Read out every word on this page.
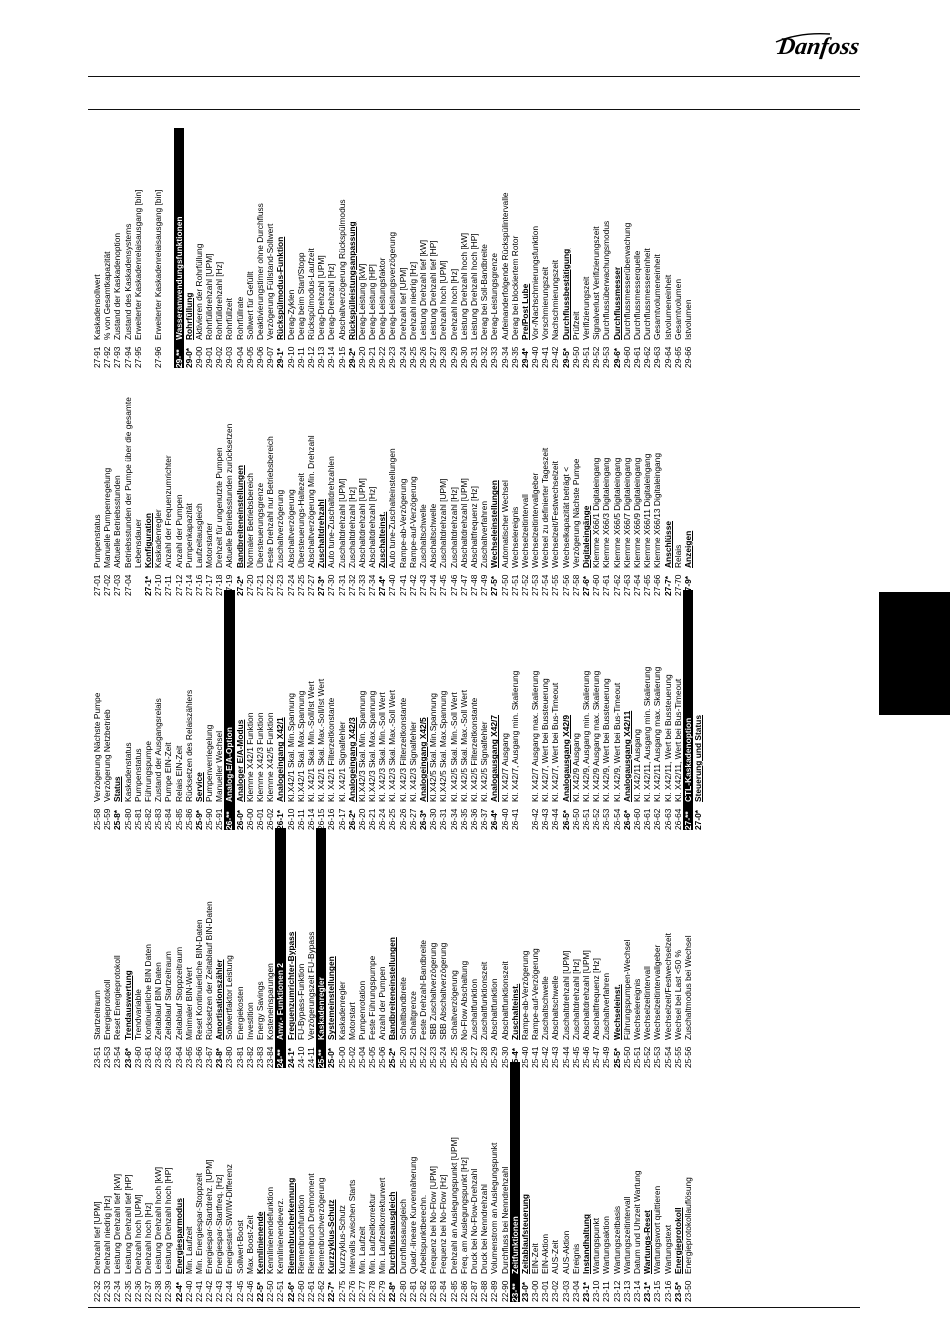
Danfoss
22-32
Drehzahl tief [UPM]
22-33
Drehzahl niedrig [Hz]
22-34
Leistung Drehzahl tief [kW]
22-35
Leistung Drehzahl tief [HP]
22-36
Drehzahl hoch [UPM]
22-37
Drehzahl hoch [Hz]
22-38
Leistung Drehzahl hoch [kW]
22-39
Leistung Drehzahl hoch [HP]
22-4*
Energiesparmodus
22-40
Min. Laufzeit
22-41
Min. Energiespar-Stoppzeit
22-42
Energiespar-Startdrehz. [UPM]
22-43
Energiespar-Startfreq. [Hz]
22-44
Energiestart-SW/IW-Differenz
22-45
Sollwert-Boost
22-46
Max. Boost-Zeit
22-5*
Kennlinienende
22-50
Kennlinienendefunktion
22-51
Kennlinienendeverz.
22-6*
Riemenbrucherkennung
22-60
Riemenbruchfunktion
22-61
Riemenbruch Drehmoment
22-62
Riemenbruchverzögerung
22-7*
Kurzzyklus-Schutz
22-75
Kurzzyklus-Schutz
22-76
Intervalls zwischen Starts
22-77
Min. Laufzeit
22-78
Min. Laufzeitkorrektur
22-79
Min. Laufzeitkorrekturwert
22-8*
Durchflussausgleich
22-80
Durchflussausgleich
22-81
Quadr.-lineare Kurvennäherung
22-82
Arbeitspunktberechn.
22-83
Frequenz bei No-Flow [UPM]
22-84
Frequenz bei No-Flow [Hz]
22-85
Drehzahl an Auslegungspunkt [UPM]
22-86
Freq. am Auslegungspunkt [Hz]
22-87
Druck bei No-Flow-Drehzahl
22-88
Druck bei Nenndrehzahl
22-89
Volumenstrom an Auslegungspunkt
22-90
Durchfluss bei Nenndrehzahl
23-**
Zeitfunktionen
23-0*
Zeitablaufsteuerung
23-00
EIN-Zeit
23-01
EIN-Aktion
23-02
AUS-Zeit
23-03
AUS-Aktion
23-04
Ereignis
23-1*
Instandhaltung
23-10
Wartungspunkt
23-11
Wartungsaktion
23-12
Wartungszeitbasis
23-13
Wartungszeitintervall
23-14
Datum und Uhrzeit Wartung
23-1*
Wartungs-Reset
23-15
Wartungswort quittieren
23-16
Wartungstext
23-5*
Energieprotokoll
23-50
Energieprotokollauflösung
23-51
Startzeitraum
23-53
Energieprotokoll
23-54
Reset Energieprotokoll
23-6*
Trendauswertung
23-60
Trendvariable
23-61
Kontinuierliche BIN Daten
23-62
Zeitablauf BIN Daten
23-63
Zeitablauf Startzeitraum
23-64
Zeitablauf Stoppzeitraum
23-65
Minimaler BIN-Wert
23-66
Reset Kontinuierliche BIN-Daten
23-67
Rücksetzen der Zeitablauf BIN-Daten
23-8*
Amortisationszähler
23-80
Sollwertfaktor Leistung
23-81
Energiekosten
23-82
Investition
23-83
Energy Savings
23-84
Kosteneinsparungen
24-**
Anw.- Funktionen 2
24-1*
Frequenzumrichter-Bypass
24-10
FU-Bypass-Funktion
24-11
Verzögerungszeit FU-Bypass
25-**
Kaskadenregler
25-0*
Systemeinstellungen
25-00
Kaskadenregler
25-02
Motorstart
25-04
Pumpenrotation
25-05
Feste Führungspumpe
25-06
Anzahl der Pumpen
25-2*
Bandbreiteneinstellungen
25-20
Schaltbandbreite
25-21
Schaltgrenze
25-22
Feste Drehzahl-Bandbreite
25-23
SBB Zuschaltverzögerung
25-24
SBB Abschaltverzögerung
25-25
Schaltverzögerung
25-26
No-Flow Abschaltung
25-27
Zuschaltfunktion
25-28
Zuschaltfunktionszeit
25-29
Abschaltfunktion
25-30
Abschaltfunktionszeit
25-4*
Zuschalteinst.
25-40
Rampe-ab-Verzögerung
25-41
Rampe-auf-Verzögerung
25-42
Zuschaltschwelle
25-43
Abschaltschwelle
25-44
Zuschaltdrehzahl [UPM]
25-45
Zuschaltdrehzahl [Hz]
25-46
Abschaltdrehzahl [UPM]
25-47
Abschaltfrequenz [Hz]
25-49
Zuschaltverfahren
25-5*
Wechseleinst.
25-50
Führungspumpen-Wechsel
25-51
Wechselereignis
25-52
Wechselzeitintervall
25-53
Wechselzeitintervallgeber
25-54
Wechselzeit/Festwechselzeit
25-55
Wechsel bei Last <50 %
25-56
Zuschaltmodus bei Wechsel
25-58
Verzögerung Nächste Pumpe
25-59
Verzögerung Netzbetrieb
25-8*
Status
25-80
Kaskadenstatus
25-81
Pumpenstatus
25-82
Führungspumpe
25-83
Zustand der Ausgangsrelais
25-84
Pumpe EIN-Zeit
25-85
Relais EIN-Zeit
25-86
Rücksetzen des Relaiszählers
25-9*
Service
25-90
Pumpenverriegelung
25-91
Manueller Wechsel
26-**
Analog-E/A-Option
26-0*
Analoger E/A-Modus
26-00
Klemme X42/1 Funktion
26-01
Klemme X42/3 Funktion
26-02
Klemme X42/5 Funktion
26-1*
Analogeingang X42/1
26-10
Kl.X42/1 Skal. Min.Spannung
26-11
Kl.X42/1 Skal. Max.Spannung
26-14
Kl. X42/1 Skal. Min.-Soll/Ist Wert
26-15
Kl. X42/1 Skal. Max.-Soll/Ist Wert
26-16
Kl. X42/1 Filterzeitkonstante
26-17
Kl. X42/1 Signalfehler
26-2*
Analogeingang X42/3
26-20
Kl.X42/3 Skal. Min. Spannung
26-21
Kl.X42/3 Skal. Max.Spannung
26-24
Kl. X42/3 Skal. Min.-Soll Wert
26-25
Kl. X42/3 Skal. Max.-Soll Wert
26-26
Kl. X42/3 Filterzeitkonstante
26-27
Kl. X42/3 Signalfehler
26-3*
Analogeingang X42/5
26-30
Kl.X42/5 Skal. Min.Spannung
26-31
Kl.X42/5 Skal. Max.Spannung
26-34
Kl. X42/5 Skal. Min.-Soll Wert
26-35
Kl. X42/5 Skal. Max.-Soll Wert
26-36
Kl. X42/5 Filterzeitkonstante
26-37
Kl. X42/5 Signalfehler
26-4*
Analogausgang X42/7
26-40
Kl. X42/7 Ausgang
26-41
Kl. X42/7, Ausgang min. Skalierung
26-42
Kl. X42/7 Ausgang max. Skalierung
26-43
Kl. X42/7, Wert bei Bussteuerung
26-44
Kl. X42/7, Wert bei Bus-Timeout
26-5*
Analogausgang X42/9
26-50
Kl. X42/9 Ausgang
26-51
Kl. X42/9, Ausgang min. Skalierung
26-52
Kl. X42/9 Ausgang max. Skalierung
26-53
Kl. X42/9, Wert bei Bussteuerung
26-54
Kl. X42/9, Wert bei Bus-Timeout
26-6*
Analogausgang X42/11
26-60
Kl. X42/11 Ausgang
26-61
Kl. X42/11, Ausgang min. Skalierung
26-62
Kl. X42/11 Ausgang max. Skalierung
26-63
Kl. X42/11, Wert bei Bussteuerung
26-64
Kl. X42/11, Wert bei Bus-Timeout
27-**
CTL-Kaskadenoption
27-0*
Steuerung und Status
27-01
Pumpenstatus
27-02
Manuelle Pumpenregelung
27-03
Aktuelle Betriebsstunden
27-04
Betriebsstunden der Pumpe über die gesamte Lebensdauer
27-1*
Konfiguration
27-10
Kaskadenregler
27-11
Anzahl der Frequenzumrichter
27-12
Anzahl der Pumpen
27-14
Pumpenkapazität
27-16
Laufzeitausgleich
27-17
Motorstarter
27-18
Drehzeit für ungenutzte Pumpen
27-19
Aktuelle Betriebsstunden zurücksetzen
27-2*
Bandbreiteneinstellungen
27-20
Normaler Betriebsbereich
27-21
Übersteuerungsgrenze
27-22
Feste Drehzahl nur Betriebsbereich
27-23
Zuschaltverzögerung
27-24
Abschaltverzögerung
27-25
Übersteuerungs-Haltezeit
27-27
Abschaltverzögerung Min. Drehzahl
27-3*
Zuschaltdrehzahl
27-30
Auto tune-Zuschaltdrehzahlen
27-31
Zuschaltdrehzahl [UPM]
27-32
Zuschaltdrehzahl [Hz]
27-33
Abschaltdrehzahl [UPM]
27-34
Abschaltdrehzahl [Hz]
27-4*
Zuschalteinst.
27-40
Auto tune-Zuschalteinstellungen
27-41
Rampe-ab-Verzögerung
27-42
Rampe-auf-Verzögerung
27-43
Zuschaltschwelle
27-44
Abschaltschwelle
27-45
Zuschaltdrehzahl [UPM]
27-46
Zuschaltdrehzahl [Hz]
27-47
Abschaltdrehzahl [UPM]
27-48
Abschaltfrequenz [Hz]
27-49
Zuschaltverfahren
27-5*
Wechseleinstellungen
27-50
Automatischer Wechsel
27-51
Wechselereignis
27-52
Wechselzeitintervall
27-53
Wechselzeitintervallgeber
27-54
Wechsel zu definierter Tageszeit
27-55
Wechselzeit/Festwechselzeit
27-56
Wechselkapazität beträgt <
27-58
Verzögerung Nächste Pumpe
27-6*
Digitaleingänge
27-60
Klemme X66/1 Digitaleingang
27-61
Klemme X66/3 Digitaleingang
27-62
Klemme X66/5 Digitaleingang
27-63
Klemme X66/7 Digitaleingang
27-64
Klemme X66/9 Digitaleingang
27-65
Klemme X66/11 Digitaleingang
27-66
Klemme X66/13 Digitaleingang
27-7*
Anschlüsse
27-70
Relais
27-9*
Anzeigen
27-91
Kaskadensollwert
27-92
% von Gesamtkapazität
27-93
Zustand der Kaskadenoption
27-94
Zustand des Kaskadensystems
27-95
Erweiterter Kaskadenrelaisausgang [bin]
27-96
Erweiterter Kaskadenrelaisausgang [bin]
29-**
Wasseranwendungsfunktionen
29-0*
Rohrfüllung
29-00
Aktivieren der Rohrfüllung
29-01
Rohrfülldrehzahl [UPM]
29-02
Rohrfülldrehzahl [Hz]
29-03
Rohrfüllzeit
29-04
Rohrfüllrate
29-05
Sollwert für Gefüllt
29-06
Deaktivierungstimer ohne Durchfluss
29-07
Verzögerung Füllstand-Sollwert
29-1*
Rückspülmodus-Funktion
29-10
Derag-Zyklen
29-11
Derag beim Start/Stopp
29-12
Rückspülmodus-Laufzeit
29-13
Derag-Drehzahl [UPM]
29-14
Derag-Drehzahl [Hz]
29-15
Abschaltverzögerung Rückspülmodus
29-2*
Rückspülleistungsanpassung
29-20
Derag-Leistung [kW]
29-21
Derag-Leistung [HP]
29-22
Derag-Leistungsfaktor
29-23
Derag-Leistungsverzögerung
29-24
Drehzahl tief [UPM]
29-25
Drehzahl niedrig [Hz]
29-26
Leistung Drehzahl tief [kW]
29-27
Leistung Drehzahl tief [HP]
29-28
Drehzahl hoch [UPM]
29-29
Drehzahl hoch [Hz]
29-30
Leistung Drehzahl hoch [kW]
29-31
Leistung Drehzahl hoch [HP]
29-32
Derag bei Soll-Bandbreite
29-33
Derag-Leistungsgrenze
29-34
Aufeinanderfolgende Rückspülintervalle
29-35
Derag bei blockiertem Rotor
29-4*
Pre/Post Lube
29-40
Vor-/Nachschmierungsfunktion
29-41
Vorschmierungszeit
29-42
Nachschmierungszeit
29-5*
Durchflussbestätigung
29-50
Prüfzeit
29-51
Verifizierungszeit
29-52
Signalverlust Verifizierungszeit
29-53
Durchflussüberwachungsmodus
29-6*
Durchflussmesser
29-60
Durchflussmesserüberwachung
29-61
Durchflussmesserquelle
29-62
Durchflussmessereinheit
29-63
Gesamtvolumeneinheit
29-64
Istvolumeneinheit
29-65
Gesamtvolumen
29-66
Istvolumen
